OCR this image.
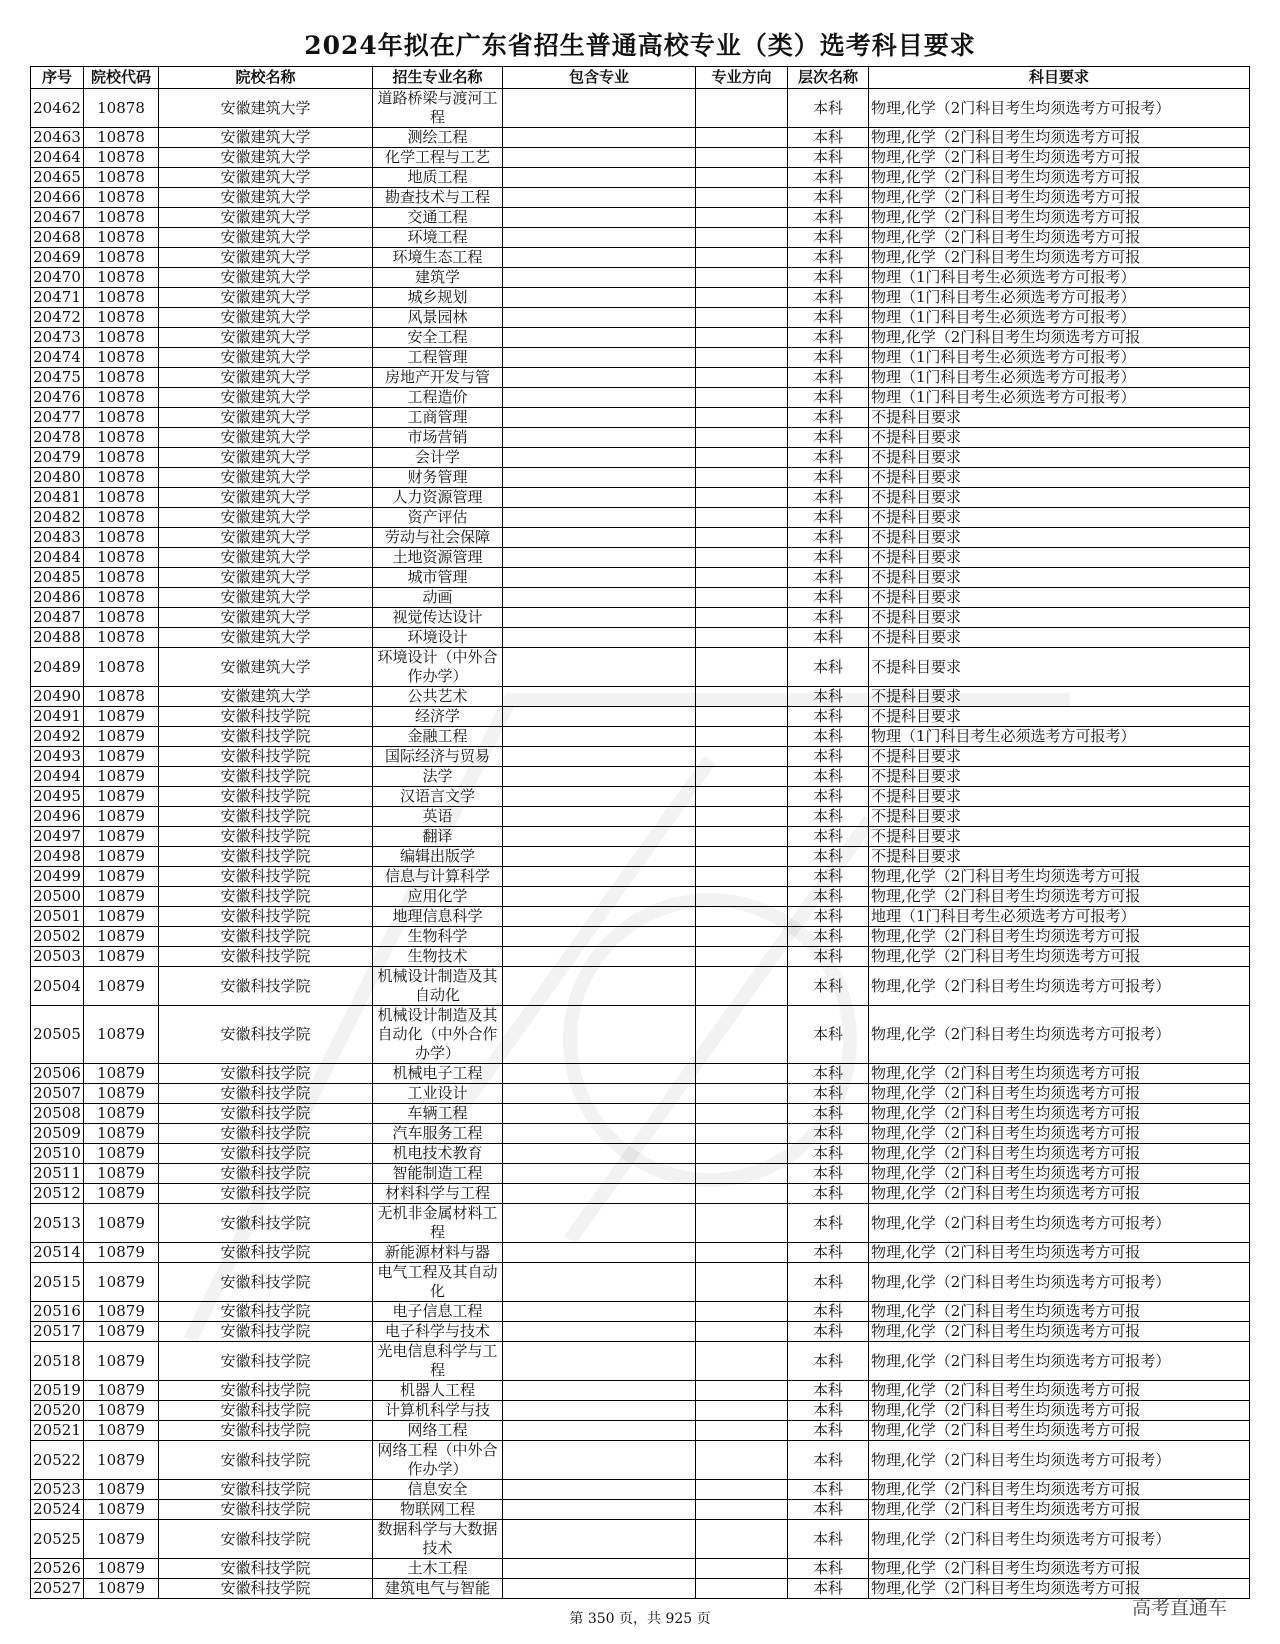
2024年拟在广东省招生普通高校专业（类）选考科目要求
序号	院校代码	院校名称	招生专业名称	包含专业	专业方向	层次名称	科目要求
20462	10878	安徽建筑大学	道路桥梁与渡河工程			本科	物理,化学（2门科目考生均须选考方可报考）
20463	10878	安徽建筑大学	测绘工程			本科	物理,化学（2门科目考生均须选考方可报
20464	10878	安徽建筑大学	化学工程与工艺			本科	物理,化学（2门科目考生均须选考方可报
20465	10878	安徽建筑大学	地质工程			本科	物理,化学（2门科目考生均须选考方可报
20466	10878	安徽建筑大学	勘查技术与工程			本科	物理,化学（2门科目考生均须选考方可报
20467	10878	安徽建筑大学	交通工程			本科	物理,化学（2门科目考生均须选考方可报
20468	10878	安徽建筑大学	环境工程			本科	物理,化学（2门科目考生均须选考方可报
20469	10878	安徽建筑大学	环境生态工程			本科	物理,化学（2门科目考生均须选考方可报
20470	10878	安徽建筑大学	建筑学			本科	物理（1门科目考生必须选考方可报考）
20471	10878	安徽建筑大学	城乡规划			本科	物理（1门科目考生必须选考方可报考）
20472	10878	安徽建筑大学	风景园林			本科	物理（1门科目考生必须选考方可报考）
20473	10878	安徽建筑大学	安全工程			本科	物理,化学（2门科目考生均须选考方可报
20474	10878	安徽建筑大学	工程管理			本科	物理（1门科目考生必须选考方可报考）
20475	10878	安徽建筑大学	房地产开发与管			本科	物理（1门科目考生必须选考方可报考）
20476	10878	安徽建筑大学	工程造价			本科	物理（1门科目考生必须选考方可报考）
20477	10878	安徽建筑大学	工商管理			本科	不提科目要求
20478	10878	安徽建筑大学	市场营销			本科	不提科目要求
20479	10878	安徽建筑大学	会计学			本科	不提科目要求
20480	10878	安徽建筑大学	财务管理			本科	不提科目要求
20481	10878	安徽建筑大学	人力资源管理			本科	不提科目要求
20482	10878	安徽建筑大学	资产评估			本科	不提科目要求
20483	10878	安徽建筑大学	劳动与社会保障			本科	不提科目要求
20484	10878	安徽建筑大学	土地资源管理			本科	不提科目要求
20485	10878	安徽建筑大学	城市管理			本科	不提科目要求
20486	10878	安徽建筑大学	动画			本科	不提科目要求
20487	10878	安徽建筑大学	视觉传达设计			本科	不提科目要求
20488	10878	安徽建筑大学	环境设计			本科	不提科目要求
20489	10878	安徽建筑大学	环境设计（中外合作办学）			本科	不提科目要求
20490	10878	安徽建筑大学	公共艺术			本科	不提科目要求
20491	10879	安徽科技学院	经济学			本科	不提科目要求
20492	10879	安徽科技学院	金融工程			本科	物理（1门科目考生必须选考方可报考）
20493	10879	安徽科技学院	国际经济与贸易			本科	不提科目要求
20494	10879	安徽科技学院	法学			本科	不提科目要求
20495	10879	安徽科技学院	汉语言文学			本科	不提科目要求
20496	10879	安徽科技学院	英语			本科	不提科目要求
20497	10879	安徽科技学院	翻译			本科	不提科目要求
20498	10879	安徽科技学院	编辑出版学			本科	不提科目要求
20499	10879	安徽科技学院	信息与计算科学			本科	物理,化学（2门科目考生均须选考方可报
20500	10879	安徽科技学院	应用化学			本科	物理,化学（2门科目考生均须选考方可报
20501	10879	安徽科技学院	地理信息科学			本科	地理（1门科目考生必须选考方可报考）
20502	10879	安徽科技学院	生物科学			本科	物理,化学（2门科目考生均须选考方可报
20503	10879	安徽科技学院	生物技术			本科	物理,化学（2门科目考生均须选考方可报
20504	10879	安徽科技学院	机械设计制造及其自动化			本科	物理,化学（2门科目考生均须选考方可报考）
20505	10879	安徽科技学院	机械设计制造及其自动化（中外合作办学）			本科	物理,化学（2门科目考生均须选考方可报考）
20506	10879	安徽科技学院	机械电子工程			本科	物理,化学（2门科目考生均须选考方可报
20507	10879	安徽科技学院	工业设计			本科	物理,化学（2门科目考生均须选考方可报
20508	10879	安徽科技学院	车辆工程			本科	物理,化学（2门科目考生均须选考方可报
20509	10879	安徽科技学院	汽车服务工程			本科	物理,化学（2门科目考生均须选考方可报
20510	10879	安徽科技学院	机电技术教育			本科	物理,化学（2门科目考生均须选考方可报
20511	10879	安徽科技学院	智能制造工程			本科	物理,化学（2门科目考生均须选考方可报
20512	10879	安徽科技学院	材料科学与工程			本科	物理,化学（2门科目考生均须选考方可报
20513	10879	安徽科技学院	无机非金属材料工程			本科	物理,化学（2门科目考生均须选考方可报考）
20514	10879	安徽科技学院	新能源材料与器			本科	物理,化学（2门科目考生均须选考方可报
20515	10879	安徽科技学院	电气工程及其自动化			本科	物理,化学（2门科目考生均须选考方可报考）
20516	10879	安徽科技学院	电子信息工程			本科	物理,化学（2门科目考生均须选考方可报
20517	10879	安徽科技学院	电子科学与技术			本科	物理,化学（2门科目考生均须选考方可报
20518	10879	安徽科技学院	光电信息科学与工程			本科	物理,化学（2门科目考生均须选考方可报考）
20519	10879	安徽科技学院	机器人工程			本科	物理,化学（2门科目考生均须选考方可报
20520	10879	安徽科技学院	计算机科学与技			本科	物理,化学（2门科目考生均须选考方可报
20521	10879	安徽科技学院	网络工程			本科	物理,化学（2门科目考生均须选考方可报
20522	10879	安徽科技学院	网络工程（中外合作办学）			本科	物理,化学（2门科目考生均须选考方可报考）
20523	10879	安徽科技学院	信息安全			本科	物理,化学（2门科目考生均须选考方可报
20524	10879	安徽科技学院	物联网工程			本科	物理,化学（2门科目考生均须选考方可报
20525	10879	安徽科技学院	数据科学与大数据技术			本科	物理,化学（2门科目考生均须选考方可报考）
20526	10879	安徽科技学院	土木工程			本科	物理,化学（2门科目考生均须选考方可报
20527	10879	安徽科技学院	建筑电气与智能			本科	物理,化学（2门科目考生均须选考方可报
第 350 页，共 925 页	高考直通车
